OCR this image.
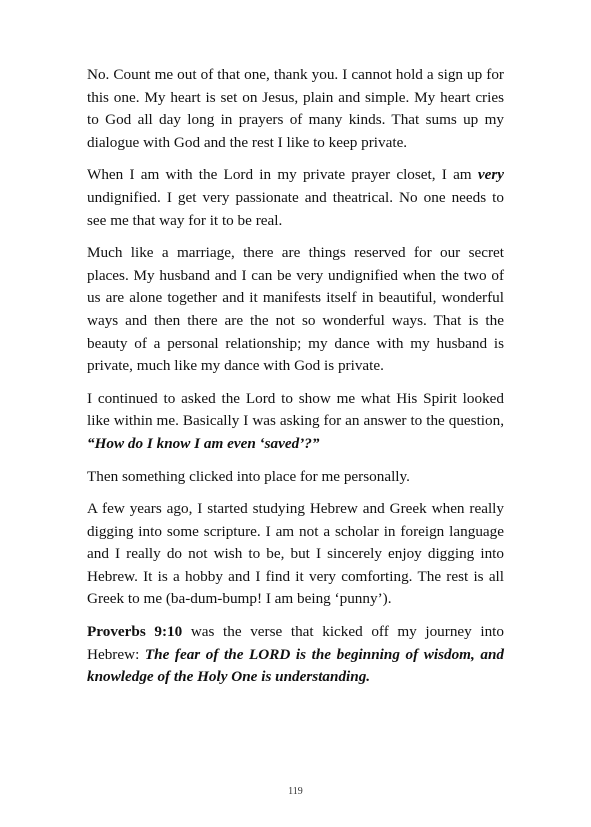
No. Count me out of that one, thank you. I cannot hold a sign up for this one. My heart is set on Jesus, plain and simple. My heart cries to God all day long in prayers of many kinds. That sums up my dialogue with God and the rest I like to keep private.

When I am with the Lord in my private prayer closet, I am very undignified. I get very passionate and theatrical. No one needs to see me that way for it to be real.

Much like a marriage, there are things reserved for our secret places. My husband and I can be very undignified when the two of us are alone together and it manifests itself in beautiful, wonderful ways and then there are the not so wonderful ways. That is the beauty of a personal relationship; my dance with my husband is private, much like my dance with God is private.

I continued to asked the Lord to show me what His Spirit looked like within me. Basically I was asking for an answer to the question, “How do I know I am even ‘saved’?”

Then something clicked into place for me personally.

A few years ago, I started studying Hebrew and Greek when really digging into some scripture. I am not a scholar in foreign language and I really do not wish to be, but I sincerely enjoy digging into Hebrew. It is a hobby and I find it very comforting. The rest is all Greek to me (ba-dum-bump! I am being ‘punny’).

Proverbs 9:10 was the verse that kicked off my journey into Hebrew: The fear of the LORD is the beginning of wisdom, and knowledge of the Holy One is understanding.

119
